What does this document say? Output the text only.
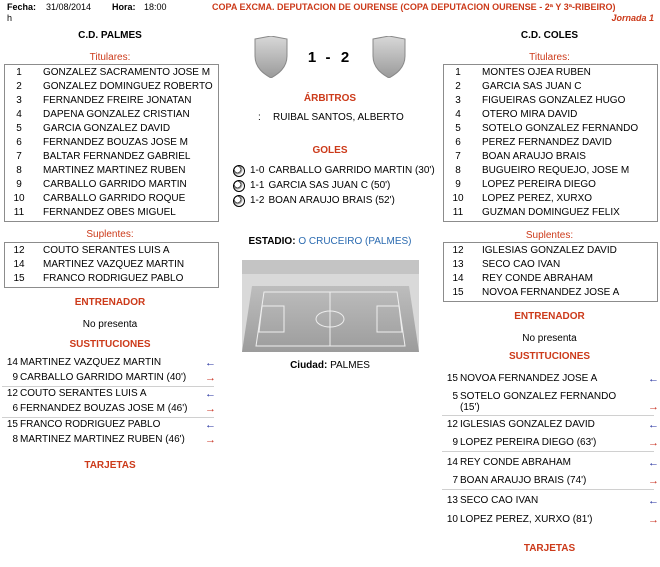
Fecha: 31/08/2014 Hora: 18:00
h
COPA EXCMA. DEPUTACION DE OURENSE (COPA DEPUTACION OURENSE - 2ª Y 3ª-RIBEIRO)
Jornada 1
C.D. PALMES
Titulares:
1	GONZALEZ SACRAMENTO JOSE M
2	GONZALEZ DOMINGUEZ ROBERTO
3	FERNANDEZ FREIRE JONATAN
4	DAPENA GONZALEZ CRISTIAN
5	GARCIA GONZALEZ DAVID
6	FERNANDEZ BOUZAS JOSE M
7	BALTAR FERNANDEZ GABRIEL
8	MARTINEZ MARTINEZ RUBEN
9	CARBALLO GARRIDO MARTIN
10	CARBALLO GARRIDO ROQUE
11	FERNANDEZ OBES MIGUEL
Suplentes:
12	COUTO SERANTES LUIS A
14	MARTINEZ VAZQUEZ MARTIN
15	FRANCO RODRIGUEZ PABLO
ENTRENADOR
No presenta
SUSTITUCIONES
14 MARTINEZ VAZQUEZ MARTIN	←
9 CARBALLO GARRIDO MARTIN (40') →
12 COUTO SERANTES LUIS A	←
6 FERNANDEZ BOUZAS JOSE M (46') →
15 FRANCO RODRIGUEZ PABLO	←
8 MARTINEZ MARTINEZ RUBEN (46') →
TARJETAS
1 - 2
ÁRBITROS
: RUIBAL SANTOS, ALBERTO
GOLES
1-0 CARBALLO GARRIDO MARTIN (30')
1-1 GARCIA SAS JUAN C (50')
1-2 BOAN ARAUJO BRAIS (52')
ESTADIO: O CRUCEIRO (PALMES)
Ciudad: PALMES
C.D. COLES
Titulares:
1	MONTES OJEA RUBEN
2	GARCIA SAS JUAN C
3	FIGUEIRAS GONZALEZ HUGO
4	OTERO MIRA DAVID
5	SOTELO GONZALEZ FERNANDO
6	PEREZ FERNANDEZ DAVID
7	BOAN ARAUJO BRAIS
8	BUGUEIRO REQUEJO, JOSE M
9	LOPEZ PEREIRA DIEGO
10	LOPEZ PEREZ, XURXO
11	GUZMAN DOMINGUEZ FELIX
Suplentes:
12	IGLESIAS GONZALEZ DAVID
13	SECO CAO IVAN
14	REY CONDE ABRAHAM
15	NOVOA FERNANDEZ JOSE A
ENTRENADOR
No presenta
SUSTITUCIONES
15 NOVOA FERNANDEZ JOSE A	←
5 SOTELO GONZALEZ FERNANDO
(15')	→
12 IGLESIAS GONZALEZ DAVID	←
9 LOPEZ PEREIRA DIEGO (63')	→
14 REY CONDE ABRAHAM	←
7 BOAN ARAUJO BRAIS (74')	→
13 SECO CAO IVAN	←
10 LOPEZ PEREZ, XURXO (81')	→
TARJETAS
